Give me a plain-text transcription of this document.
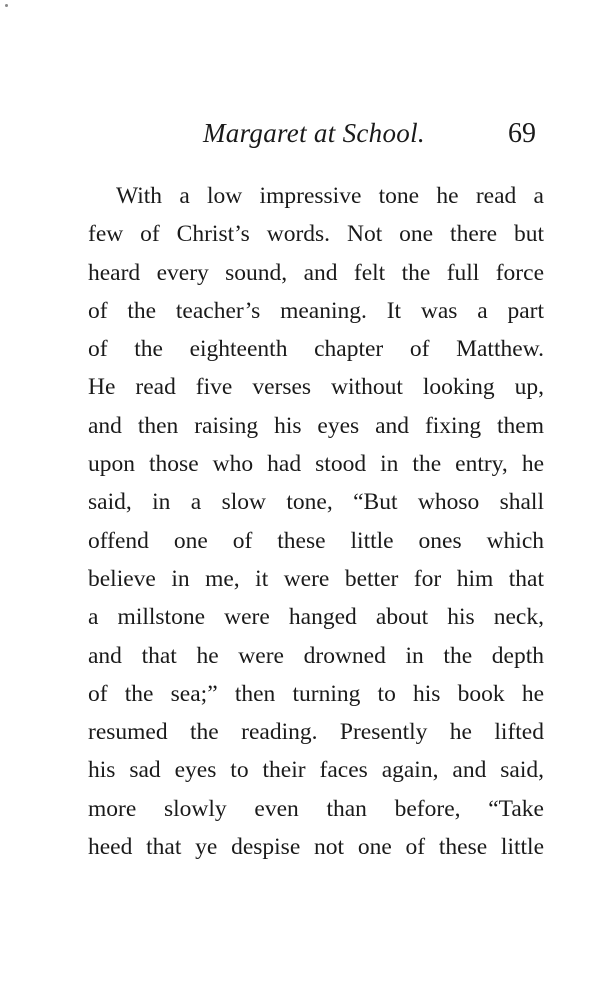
Margaret at School.	69
With a low impressive tone he read a
few of Christ’s words. Not one there but
heard every sound, and felt the full force
of the teacher’s meaning. It was a part
of the eighteenth chapter of Matthew.
He read five verses without looking up,
and then raising his eyes and fixing them
upon those who had stood in the entry, he
said, in a slow tone, “But whoso shall
offend one of these little ones which
believe in me, it were better for him that
a millstone were hanged about his neck,
and that he were drowned in the depth
of the sea;” then turning to his book he
resumed the reading. Presently he lifted
his sad eyes to their faces again, and said,
more slowly even than before, “Take
heed that ye despise not one of these little
